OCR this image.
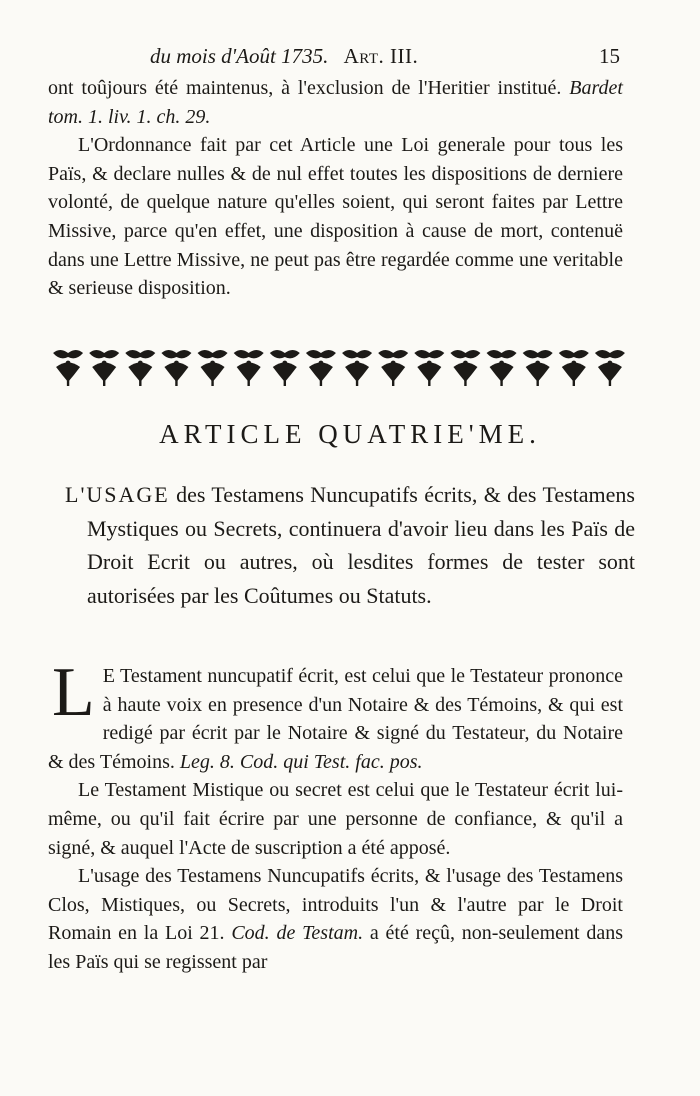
du mois d'Août 1735. Art. III.	15

ont toûjours été maintenus, à l'exclusion de l'Heritier institué. Bardet tom. 1. liv. 1. ch. 29.

L'Ordonnance fait par cet Article une Loi generale pour tous les Païs, & declare nulles & de nul effet toutes les dispositions de derniere volonté, de quelque nature qu'elles soient, qui seront faites par Lettre Missive, parce qu'en effet, une disposition à cause de mort, contenuë dans une Lettre Missive, ne peut pas être regardée comme une veritable & serieuse disposition.

ARTICLE QUATRIE'ME.
L'USAGE des Testamens Nuncupatifs écrits, & des Testamens Mystiques ou Secrets, continuera d'avoir lieu dans les Païs de Droit Ecrit ou autres, où lesdites formes de tester sont autorisées par les Coûtumes ou Statuts.

L E Testament nuncupatif écrit, est celui que le Testateur prononce à haute voix en presence d'un Notaire & des Témoins, & qui est redigé par écrit par le Notaire & signé du Testateur, du Notaire & des Témoins. Leg. 8. Cod. qui Test. fac. pos.

Le Testament Mistique ou secret est celui que le Testateur écrit lui-même, ou qu'il fait écrire par une personne de confiance, & qu'il a signé, & auquel l'Acte de suscription a été apposé.

L'usage des Testamens Nuncupatifs écrits, & l'usage des Testamens Clos, Mistiques, ou Secrets, introduits l'un & l'autre par le Droit Romain en la Loi 21. Cod. de Testam. a été reçû, non-seulement dans les Païs qui se regissent par
